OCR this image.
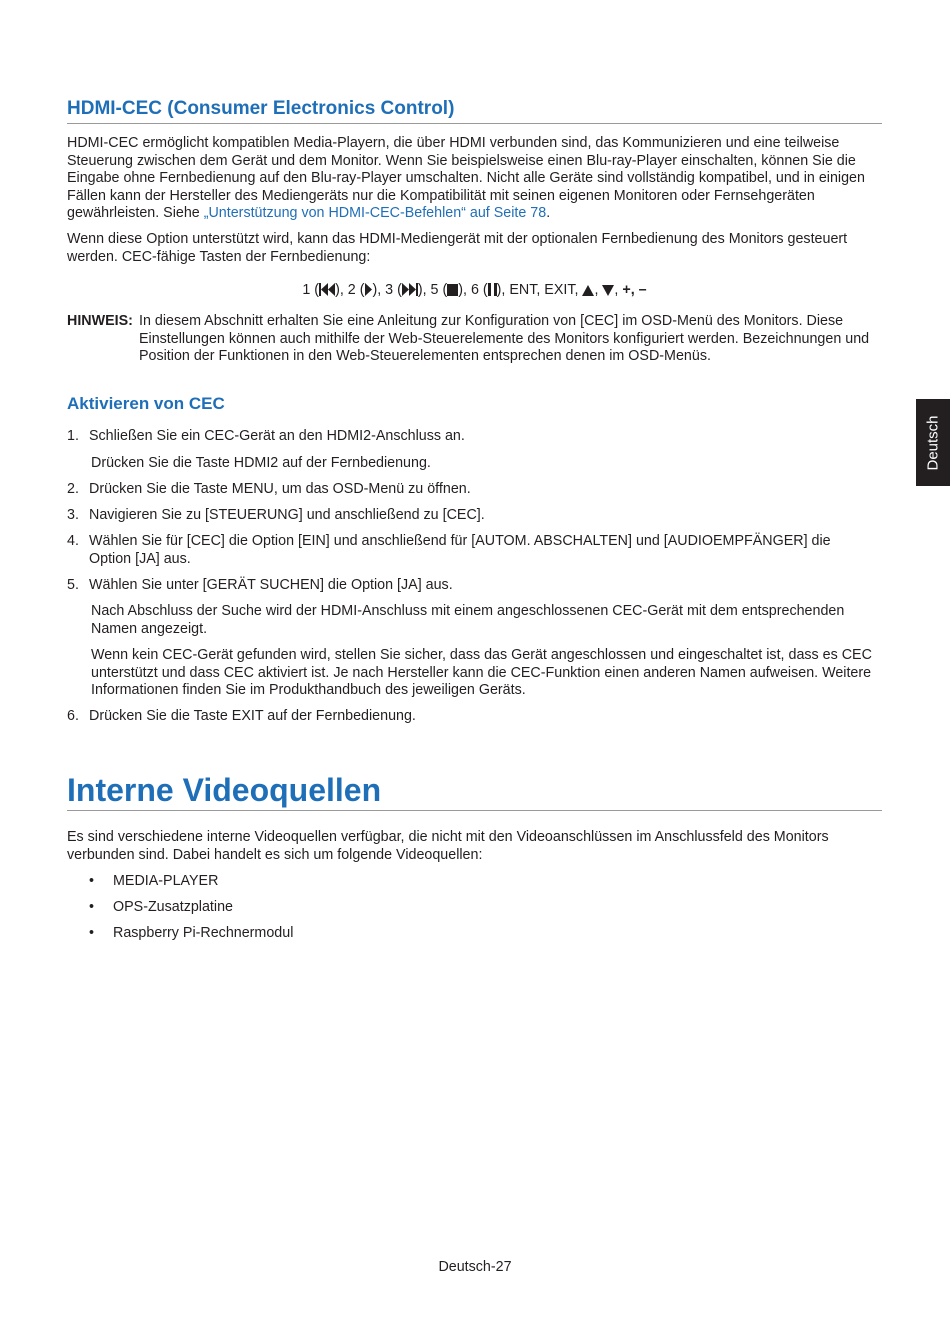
HDMI-CEC (Consumer Electronics Control)

HDMI-CEC ermöglicht kompatiblen Media-Playern, die über HDMI verbunden sind, das Kommunizieren und eine teilweise Steuerung zwischen dem Gerät und dem Monitor. Wenn Sie beispielsweise einen Blu-ray-Player einschalten, können Sie die Eingabe ohne Fernbedienung auf den Blu-ray-Player umschalten. Nicht alle Geräte sind vollständig kompatibel, und in einigen Fällen kann der Hersteller des Mediengeräts nur die Kompatibilität mit seinen eigenen Monitoren oder Fernsehgeräten gewährleisten. Siehe „Unterstützung von HDMI-CEC-Befehlen“ auf Seite 78.

Wenn diese Option unterstützt wird, kann das HDMI-Mediengerät mit der optionalen Fernbedienung des Monitors gesteuert werden. CEC-fähige Tasten der Fernbedienung:

1 ( ), 2 ( ), 3 ( ), 5 ( ), 6 ( ), ENT, EXIT, , , +, –
HINWEIS: In diesem Abschnitt erhalten Sie eine Anleitung zur Konfiguration von [CEC] im OSD-Menü des Monitors. Diese Einstellungen können auch mithilfe der Web-Steuerelemente des Monitors konfiguriert werden. Bezeichnungen und Position der Funktionen in den Web-Steuerelementen entsprechen denen im OSD-Menüs.
Aktivieren von CEC
1. Schließen Sie ein CEC-Gerät an den HDMI2-Anschluss an.
Drücken Sie die Taste HDMI2 auf der Fernbedienung.
2. Drücken Sie die Taste MENU, um das OSD-Menü zu öffnen.
3. Navigieren Sie zu [STEUERUNG] und anschließend zu [CEC].
4. Wählen Sie für [CEC] die Option [EIN] und anschließend für [AUTOM. ABSCHALTEN] und [AUDIOEMPFÄNGER] die Option [JA] aus.
5. Wählen Sie unter [GERÄT SUCHEN] die Option [JA] aus.
Nach Abschluss der Suche wird der HDMI-Anschluss mit einem angeschlossenen CEC-Gerät mit dem entsprechenden Namen angezeigt.
Wenn kein CEC-Gerät gefunden wird, stellen Sie sicher, dass das Gerät angeschlossen und eingeschaltet ist, dass es CEC unterstützt und dass CEC aktiviert ist. Je nach Hersteller kann die CEC-Funktion einen anderen Namen aufweisen. Weitere Informationen finden Sie im Produkthandbuch des jeweiligen Geräts.
6. Drücken Sie die Taste EXIT auf der Fernbedienung.
Interne Videoquellen

Es sind verschiedene interne Videoquellen verfügbar, die nicht mit den Videoanschlüssen im Anschlussfeld des Monitors verbunden sind. Dabei handelt es sich um folgende Videoquellen:

• MEDIA-PLAYER
• OPS-Zusatzplatine
• Raspberry Pi-Rechnermodul
Deutsch
Deutsch-27
